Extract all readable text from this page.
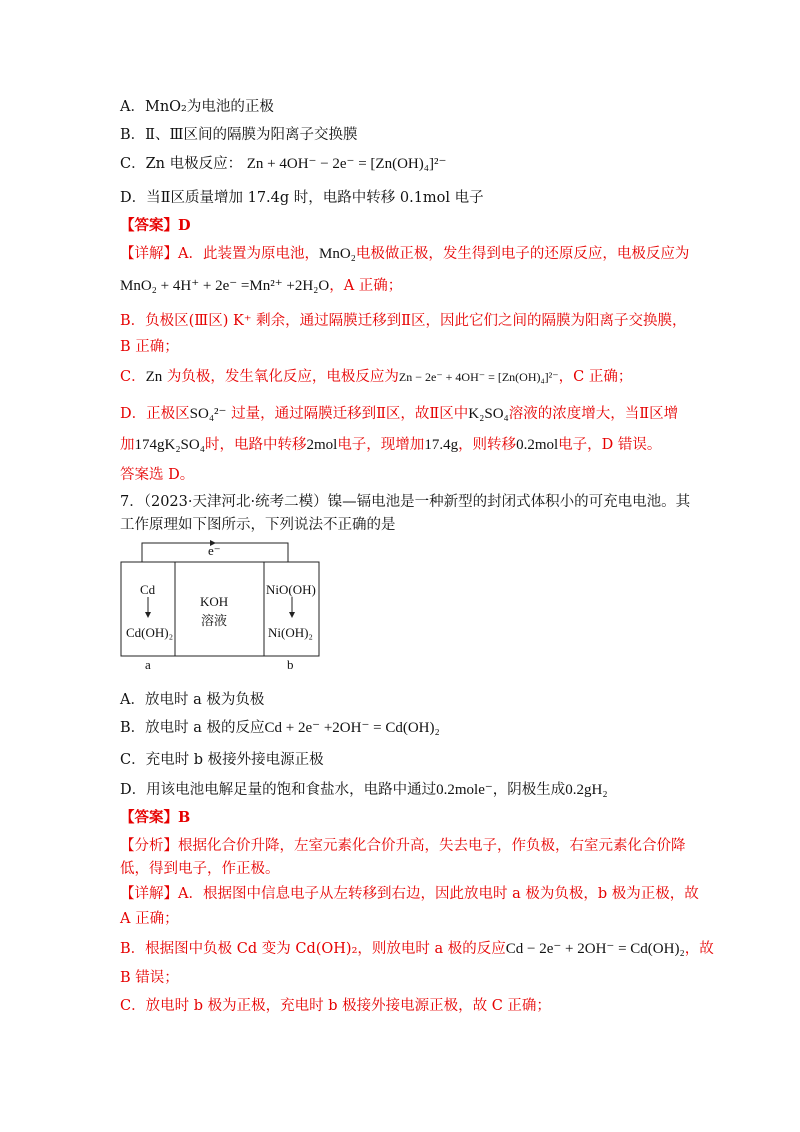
A．MnO₂为电池的正极
B．Ⅱ、Ⅲ区间的隔膜为阳离子交换膜
C．Zn 电极反应： Zn + 4OH⁻ − 2e⁻ = [Zn(OH)₄]²⁻
D．当Ⅱ区质量增加 17.4g 时，电路中转移 0.1mol 电子
【答案】D
【详解】A．此装置为原电池，MnO₂电极做正极，发生得到电子的还原反应，电极反应为
MnO₂ + 4H⁺ + 2e⁻ =Mn²⁺ +2H₂O，A 正确；
B．负极区(Ⅲ区) K⁺ 剩余，通过隔膜迁移到Ⅱ区，因此它们之间的隔膜为阳离子交换膜，
B 正确；
C．Zn 为负极，发生氧化反应，电极反应为Zn − 2e⁻ + 4OH⁻ = [Zn(OH)₄]²⁻，C 正确；
D．正极区SO₄²⁻ 过量，通过隔膜迁移到Ⅱ区，故Ⅱ区中K₂SO₄溶液的浓度增大，当Ⅱ区增
加174gK₂SO₄时，电路中转移2mol电子，现增加17.4g，则转移0.2mol电子，D 错误。
答案选 D。
7．（2023·天津河北·统考二模）镍—镉电池是一种新型的封闭式体积小的可充电电池。其
工作原理如下图所示，下列说法不正确的是
e⁻
Cd
Cd(OH)₂
KOH
溶液
NiO(OH)
Ni(OH)₂
a	b
A．放电时 a 极为负极
B．放电时 a 极的反应Cd + 2e⁻ +2OH⁻ = Cd(OH)₂
C．充电时 b 极接外接电源正极
D．用该电池电解足量的饱和食盐水，电路中通过0.2mole⁻，阴极生成0.2gH₂
【答案】B
【分析】根据化合价升降，左室元素化合价升高，失去电子，作负极，右室元素化合价降
低，得到电子，作正极。
【详解】A．根据图中信息电子从左转移到右边，因此放电时 a 极为负极，b 极为正极，故
A 正确；
B．根据图中负极 Cd 变为 Cd(OH)₂，则放电时 a 极的反应Cd − 2e⁻ + 2OH⁻ = Cd(OH)₂，故
B 错误；
C．放电时 b 极为正极，充电时 b 极接外接电源正极，故 C 正确；
